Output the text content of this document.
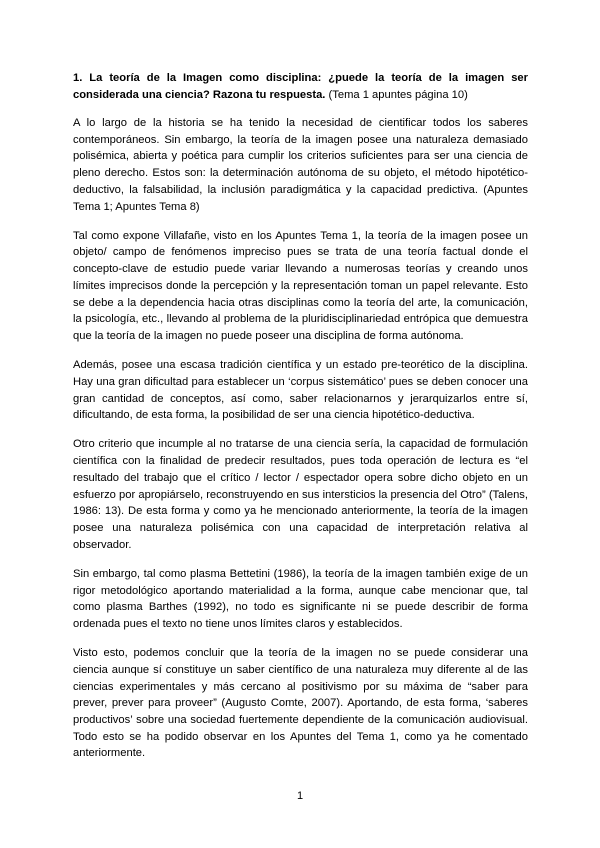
1. La teoría de la Imagen como disciplina: ¿puede la teoría de la imagen ser considerada una ciencia? Razona tu respuesta. (Tema 1 apuntes página 10)

A lo largo de la historia se ha tenido la necesidad de cientificar todos los saberes contemporáneos. Sin embargo, la teoría de la imagen posee una naturaleza demasiado polisémica, abierta y poética para cumplir los criterios suficientes para ser una ciencia de pleno derecho. Estos son: la determinación autónoma de su objeto, el método hipotético-deductivo, la falsabilidad, la inclusión paradigmática y la capacidad predictiva. (Apuntes Tema 1; Apuntes Tema 8)

Tal como expone Villafañe, visto en los Apuntes Tema 1, la teoría de la imagen posee un objeto/ campo de fenómenos impreciso pues se trata de una teoría factual donde el concepto-clave de estudio puede variar llevando a numerosas teorías y creando unos límites imprecisos donde la percepción y la representación toman un papel relevante. Esto se debe a la dependencia hacia otras disciplinas como la teoría del arte, la comunicación, la psicología, etc., llevando al problema de la pluridisciplinariedad entrópica que demuestra que la teoría de la imagen no puede poseer una disciplina de forma autónoma.

Además, posee una escasa tradición científica y un estado pre-teorético de la disciplina. Hay una gran dificultad para establecer un ‘corpus sistemático’ pues se deben conocer una gran cantidad de conceptos, así como, saber relacionarnos y jerarquizarlos entre sí, dificultando, de esta forma, la posibilidad de ser una ciencia hipotético-deductiva.

Otro criterio que incumple al no tratarse de una ciencia sería, la capacidad de formulación científica con la finalidad de predecir resultados, pues toda operación de lectura es “el resultado del trabajo que el crítico / lector / espectador opera sobre dicho objeto en un esfuerzo por apropiárselo, reconstruyendo en sus intersticios la presencia del Otro” (Talens, 1986: 13). De esta forma y como ya he mencionado anteriormente, la teoría de la imagen posee una naturaleza polisémica con una capacidad de interpretación relativa al observador.

Sin embargo, tal como plasma Bettetini (1986), la teoría de la imagen también exige de un rigor metodológico aportando materialidad a la forma, aunque cabe mencionar que, tal como plasma Barthes (1992), no todo es significante ni se puede describir de forma ordenada pues el texto no tiene unos límites claros y establecidos.

Visto esto, podemos concluir que la teoría de la imagen no se puede considerar una ciencia aunque sí constituye un saber científico de una naturaleza muy diferente al de las ciencias experimentales y más cercano al positivismo por su máxima de “saber para prever, prever para proveer” (Augusto Comte, 2007). Aportando, de esta forma, ‘saberes productivos’ sobre una sociedad fuertemente dependiente de la comunicación audiovisual. Todo esto se ha podido observar en los Apuntes del Tema 1, como ya he comentado anteriormente.

1
